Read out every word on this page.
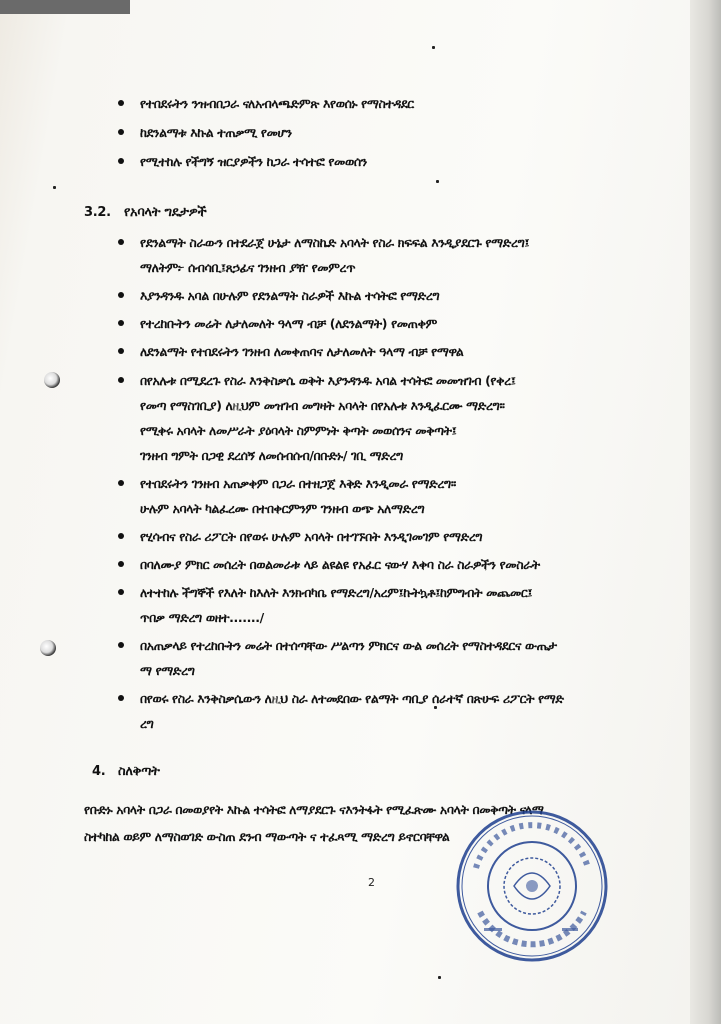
የተበደሩትን ንዝብበጋራ ናለአብላጫድምጽ እየወሰኑ የማስተዳደር
ከደንልማቱ እኩል ተጠቃሚ የመሆን
የሚተከሉ የችግኝ ዝርያዎችን ከጋራ ተሳተፎ የመወሰን
3.2. የአባላት ግዴታዎች
የደንልማት ስራውን በተደራጀ ሁኔታ ለማስኬድ አባላት የስራ ክፍፍል እንዲያደርጉ የማድረግ፤
ማለትም፦ ሰብሳቢ፤ጸኃፊና ገንዘብ ያዥ የመምረጥ
እያንዳንዱ አባል በሁሉም የደንልማት ስራዎች እኩል ተሳትፎ የማድረግ
የተረከቡትን መሬት ለታለመለት ዓላማ ብቻ (ለደንልማት) የመጠቀም
ለደንልማት የተበደሩትን ገንዘብ ለመቀጠባና ለታለመለት ዓላማ ብቻ የማዋል
በየአሉቱ በሚደረጉ የስራ እንቅስቃሴ ወቅት እያንዳንዱ አባል ተሳትፎ መመዝገብ (የቀረ፤
የመጣ የማስገቢያ) ለዚህም መዝገብ መግዛት አባላት በየአሉቱ እንዲፈርሙ ማድረግ፡፡
የሚቀሩ አባላት ለመሥራት ያዕባላት ስምምነት ቅጣት መወሰንና መቅጣት፤
ገንዘብ ግምት በጋዊ ደረሰኝ ለመሰብሰብ/በቡድኑ/ ገቢ ማድረግ
የተበደሩትን ገንዘብ አጠቃቀም በጋራ በተዘጋጀ እቅድ እንዲመራ የማድረግ፡፡
ሁሉም አባላት ካልፈረሙ በተበቀርምንም ገንዘብ ወጭ አለማድረግ
የሂሳብና የስራ ሪፖርት በየወሩ ሁሉም አባላት በተገኙበት እንዲገመገም የማድረግ
በባለሙያ ምክር መሰረት በወልመራቱ ላይ ልዩልዩ የአፈር ናውሃ እቀባ ስራ ስራዎችን የመስራት
ለተተከሉ ችግኞች የእለት ከእለት እንክብካቤ የማድረግ/አረም፤ኩትኳቶ፤ከምግብት መጨመር፤
ጥበቃ ማድረግ ወዘተ......./
በአጠቃላይ የተረከቡትን መሬት በተሰጣቸው ሥልጣን ምክርና ውል መሰረት የማስተዳደርና ውጤታ
ማ የማድረግ
በየወሩ የስራ እንቅስቃሴውን ለዚህ ስራ ለተመደበው የልማት ጣቢያ ሰራተኛ በጽሁፍ ሪፖርት የማድ
ረግ
4. ስለቅጣት
የቡድኑ አባላት በጋራ በመወያየት እኩል ተሳትፎ ለማያደርጉ ናእንትፋት የሚፈጽሙ አባላት በመቅጣት ናላማ
ስተካከል ወይም ለማስወገድ ውስጠ ደንብ ማውጣት ና ተፈጻሚ ማድረግ ይኖርባቸዋል
2
